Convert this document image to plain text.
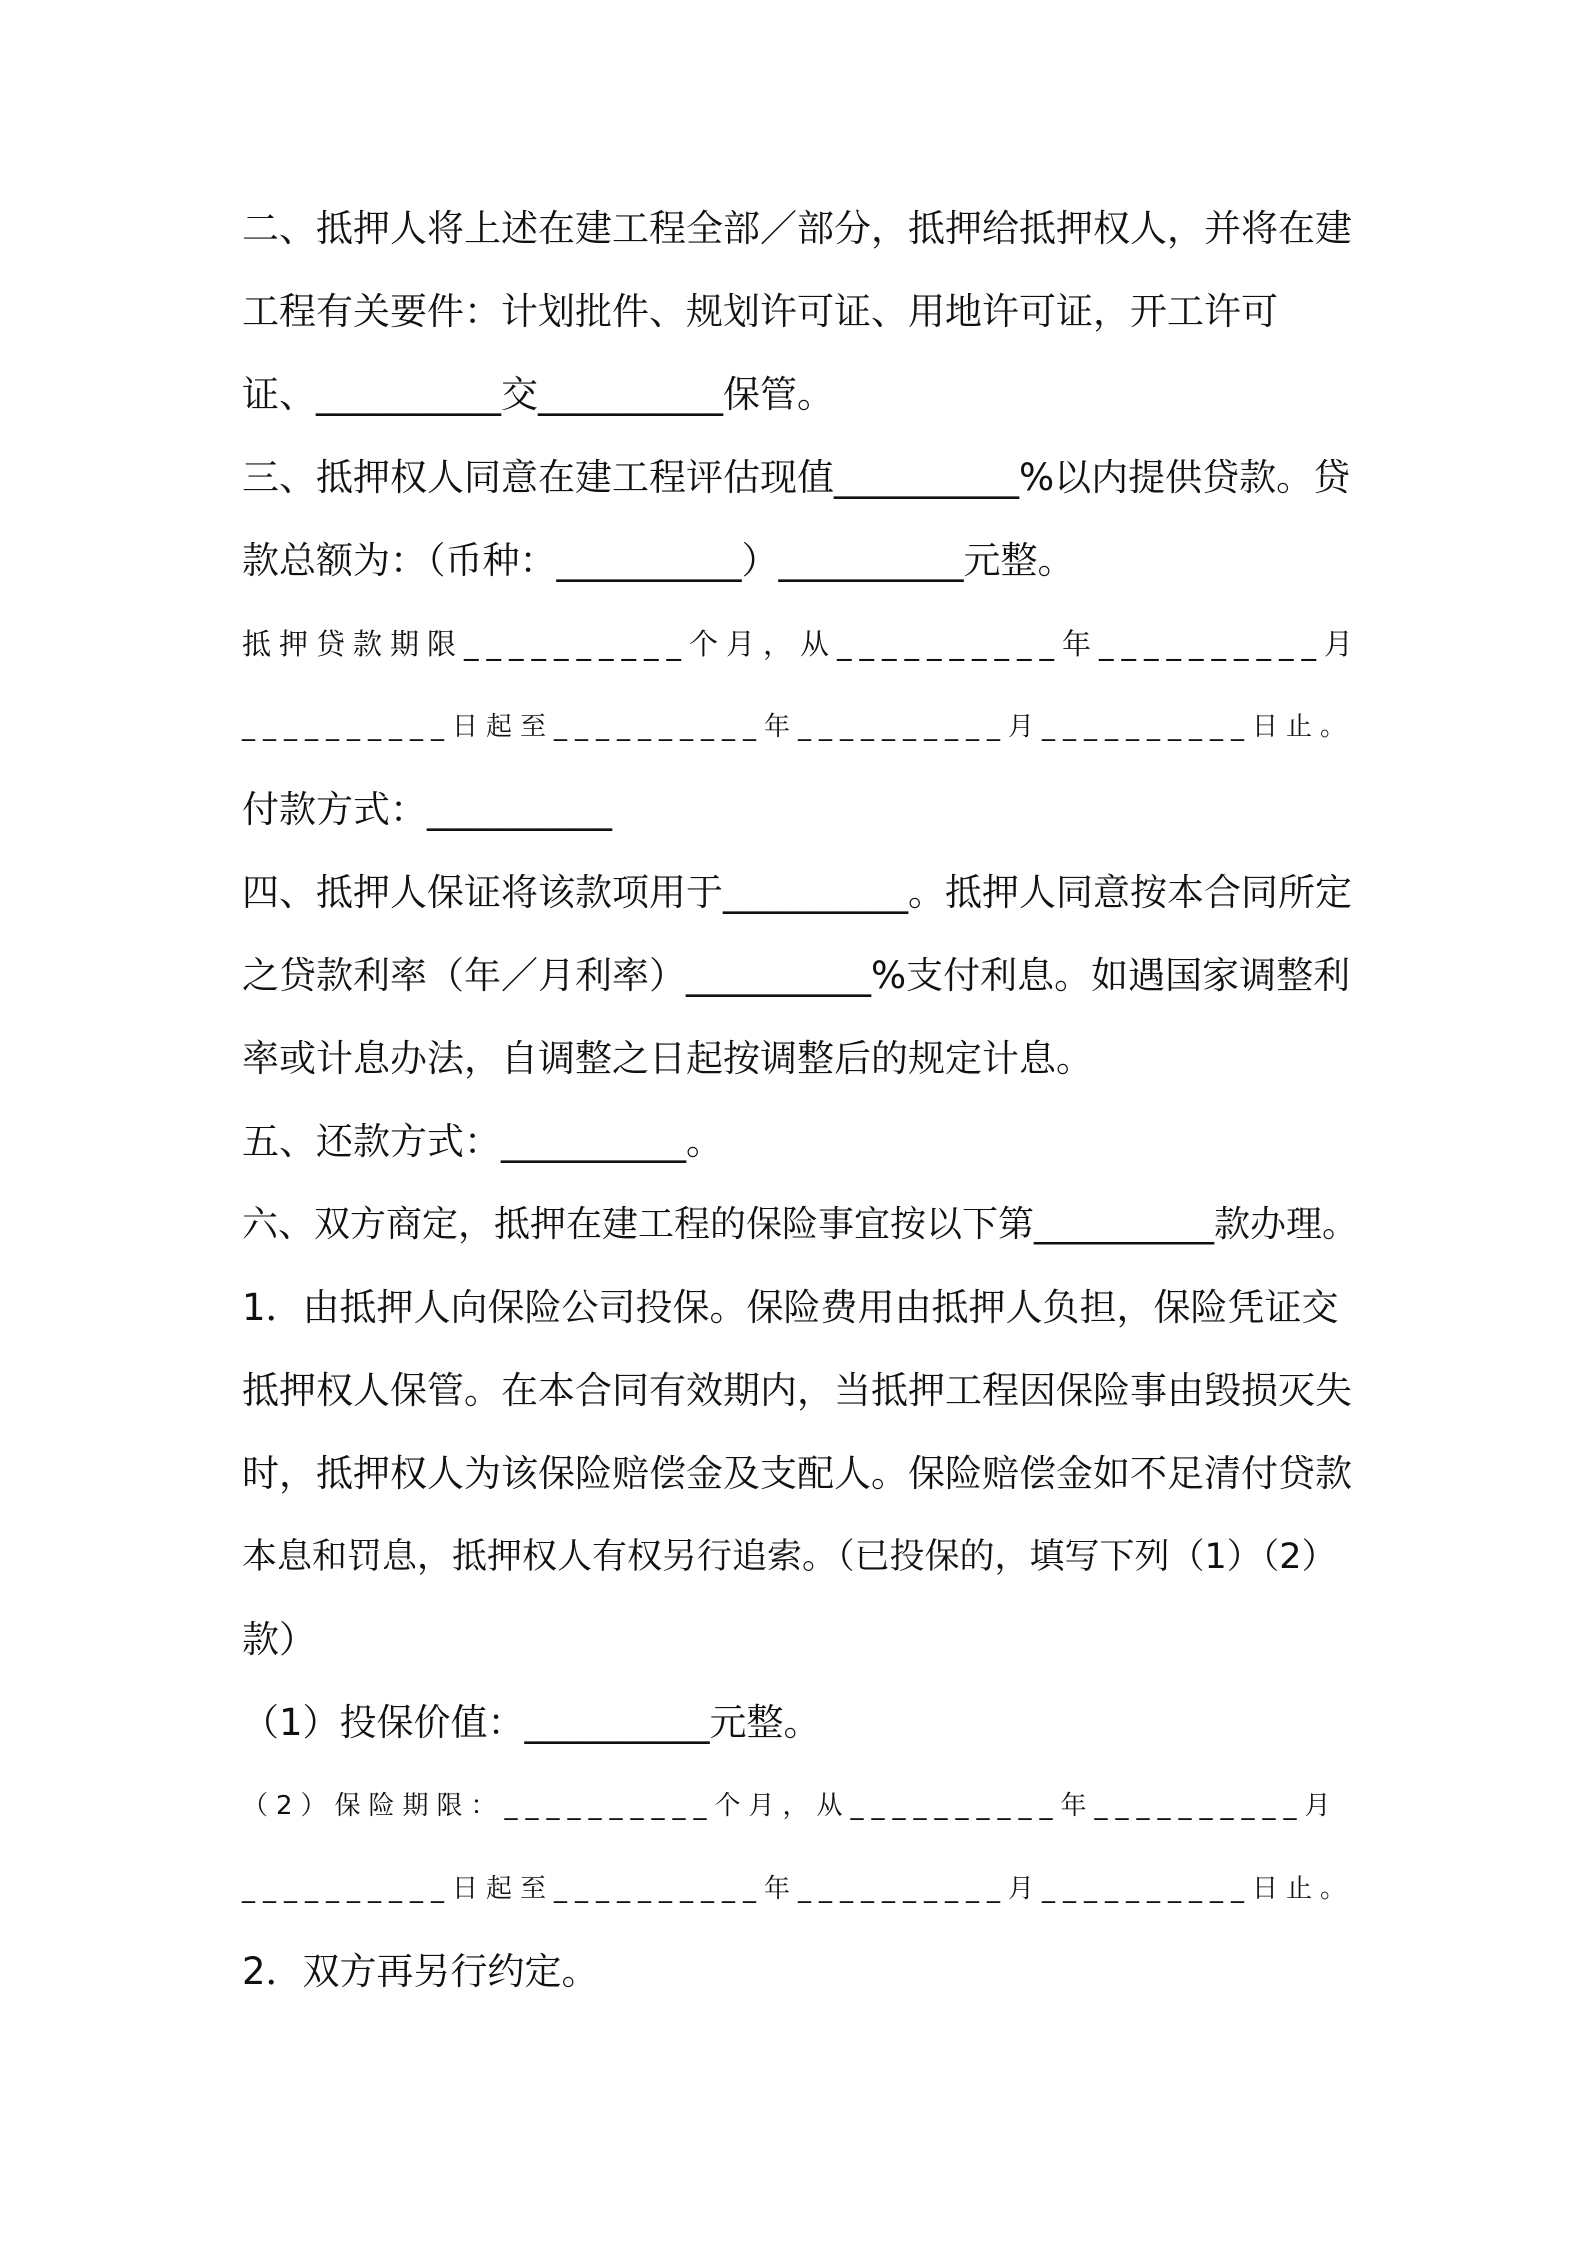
二、抵押人将上述在建工程全部／部分，抵押给抵押权人，并将在建
工程有关要件：计划批件、规划许可证、用地许可证，开工许可
证、__________交__________保管。
三、抵押权人同意在建工程评估现值__________%以内提供贷款。贷
款总额为：（币种：__________）__________元整。
抵押贷款期限__________个月，从__________年__________月
__________日起至__________年__________月__________日止。
付款方式：__________
四、抵押人保证将该款项用于__________。抵押人同意按本合同所定
之贷款利率（年／月利率）__________%支付利息。如遇国家调整利
率或计息办法，自调整之日起按调整后的规定计息。
五、还款方式：__________。
六、双方商定，抵押在建工程的保险事宜按以下第__________款办理。
1．由抵押人向保险公司投保。保险费用由抵押人负担，保险凭证交
抵押权人保管。在本合同有效期内，当抵押工程因保险事由毁损灭失
时，抵押权人为该保险赔偿金及支配人。保险赔偿金如不足清付贷款
本息和罚息，抵押权人有权另行追索。（已投保的，填写下列（1）（2）
款）
（1）投保价值：__________元整。
（2）保险期限：__________个月，从__________年__________月
__________日起至__________年__________月__________日止。
2．双方再另行约定。
